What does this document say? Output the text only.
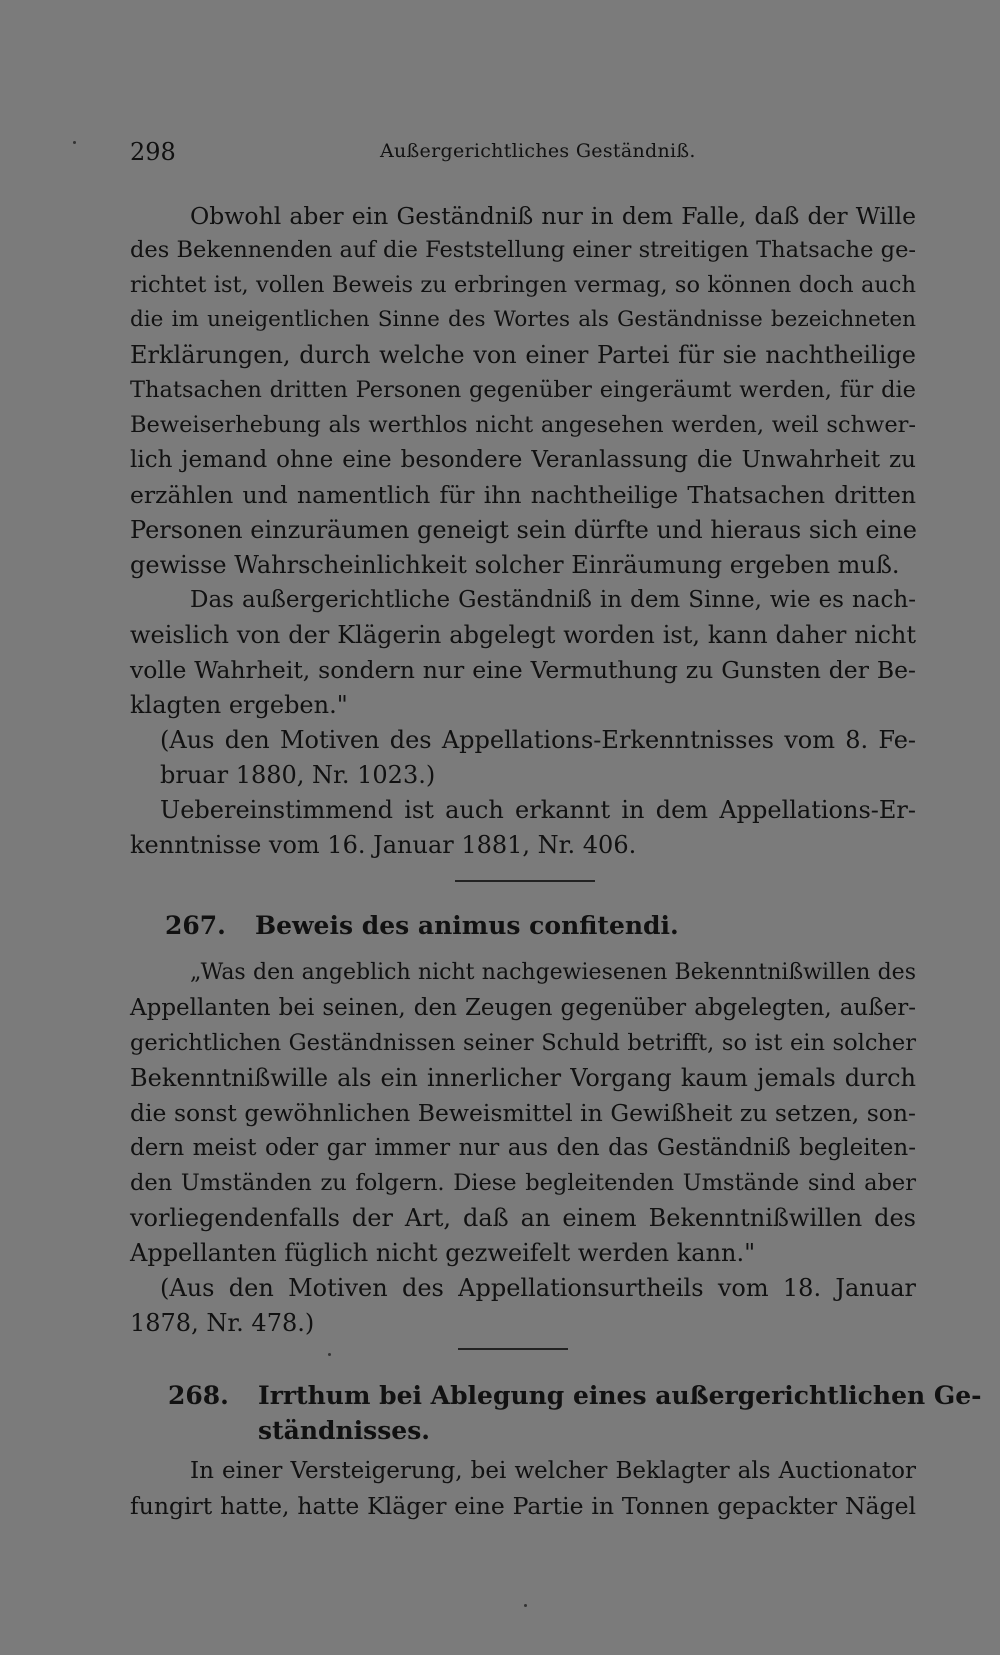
298	Außergerichtliches Geständniß.
Obwohl aber ein Geständniß nur in dem Falle, daß der Wille
des Bekennenden auf die Feststellung einer streitigen Thatsache ge-
richtet ist, vollen Beweis zu erbringen vermag, so können doch auch
die im uneigentlichen Sinne des Wortes als Geständnisse bezeichneten
Erklärungen, durch welche von einer Partei für sie nachtheilige
Thatsachen dritten Personen gegenüber eingeräumt werden, für die
Beweiserhebung als werthlos nicht angesehen werden, weil schwer-
lich jemand ohne eine besondere Veranlassung die Unwahrheit zu
erzählen und namentlich für ihn nachtheilige Thatsachen dritten
Personen einzuräumen geneigt sein dürfte und hieraus sich eine
gewisse Wahrscheinlichkeit solcher Einräumung ergeben muß.
Das außergerichtliche Geständniß in dem Sinne, wie es nach-
weislich von der Klägerin abgelegt worden ist, kann daher nicht
volle Wahrheit, sondern nur eine Vermuthung zu Gunsten der Be-
klagten ergeben."
(Aus den Motiven des Appellations-Erkenntnisses vom 8. Fe-
bruar 1880, Nr. 1023.)
Uebereinstimmend ist auch erkannt in dem Appellations-Er-
kenntnisse vom 16. Januar 1881, Nr. 406.
267. Beweis des animus confitendi.
„Was den angeblich nicht nachgewiesenen Bekenntnißwillen des
Appellanten bei seinen, den Zeugen gegenüber abgelegten, außer-
gerichtlichen Geständnissen seiner Schuld betrifft, so ist ein solcher
Bekenntnißwille als ein innerlicher Vorgang kaum jemals durch
die sonst gewöhnlichen Beweismittel in Gewißheit zu setzen, son-
dern meist oder gar immer nur aus den das Geständniß begleiten-
den Umständen zu folgern. Diese begleitenden Umstände sind aber
vorliegendenfalls der Art, daß an einem Bekenntnißwillen des
Appellanten füglich nicht gezweifelt werden kann."
(Aus den Motiven des Appellationsurtheils vom 18. Januar
1878, Nr. 478.)
268. Irrthum bei Ablegung eines außergerichtlichen Ge-
ständnisses.
In einer Versteigerung, bei welcher Beklagter als Auctionator
fungirt hatte, hatte Kläger eine Partie in Tonnen gepackter Nägel
